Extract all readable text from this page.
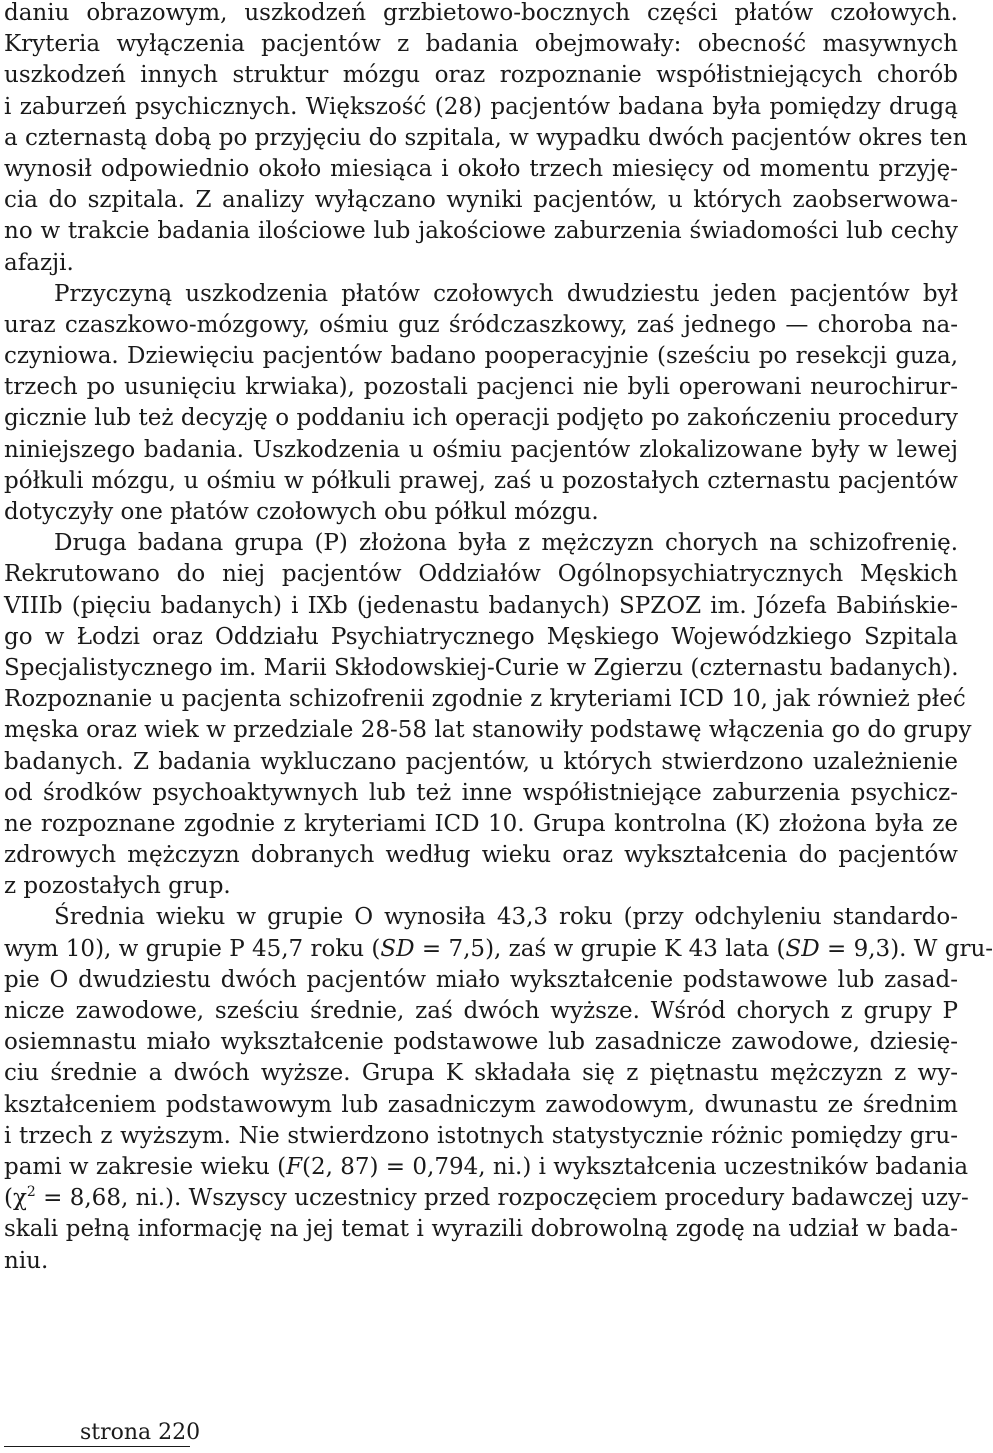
daniu obrazowym, uszkodzeń grzbietowo-bocznych części płatów czołowych.
Kryteria wyłączenia pacjentów z badania obejmowały: obecność masywnych
uszkodzeń innych struktur mózgu oraz rozpoznanie współistniejących chorób
i zaburzeń psychicznych. Większość (28) pacjentów badana była pomiędzy drugą
a czternastą dobą po przyjęciu do szpitala, w wypadku dwóch pacjentów okres ten
wynosił odpowiednio około miesiąca i około trzech miesięcy od momentu przyję-
cia do szpitala. Z analizy wyłączano wyniki pacjentów, u których zaobserwowa-
no w trakcie badania ilościowe lub jakościowe zaburzenia świadomości lub cechy
afazji.
Przyczyną uszkodzenia płatów czołowych dwudziestu jeden pacjentów był
uraz czaszkowo-mózgowy, ośmiu guz śródczaszkowy, zaś jednego — choroba na-
czyniowa. Dziewięciu pacjentów badano pooperacyjnie (sześciu po resekcji guza,
trzech po usunięciu krwiaka), pozostali pacjenci nie byli operowani neurochirur-
gicznie lub też decyzję o poddaniu ich operacji podjęto po zakończeniu procedury
niniejszego badania. Uszkodzenia u ośmiu pacjentów zlokalizowane były w lewej
półkuli mózgu, u ośmiu w półkuli prawej, zaś u pozostałych czternastu pacjentów
dotyczyły one płatów czołowych obu półkul mózgu.
Druga badana grupa (P) złożona była z mężczyzn chorych na schizofrenię.
Rekrutowano do niej pacjentów Oddziałów Ogólnopsychiatrycznych Męskich
VIIIb (pięciu badanych) i IXb (jedenastu badanych) SPZOZ im. Józefa Babińskie-
go w Łodzi oraz Oddziału Psychiatrycznego Męskiego Wojewódzkiego Szpitala
Specjalistycznego im. Marii Skłodowskiej-Curie w Zgierzu (czternastu badanych).
Rozpoznanie u pacjenta schizofrenii zgodnie z kryteriami ICD 10, jak również płeć
męska oraz wiek w przedziale 28-58 lat stanowiły podstawę włączenia go do grupy
badanych. Z badania wykluczano pacjentów, u których stwierdzono uzależnienie
od środków psychoaktywnych lub też inne współistniejące zaburzenia psychicz-
ne rozpoznane zgodnie z kryteriami ICD 10. Grupa kontrolna (K) złożona była ze
zdrowych mężczyzn dobranych według wieku oraz wykształcenia do pacjentów
z pozostałych grup.
Średnia wieku w grupie O wynosiła 43,3 roku (przy odchyleniu standardo-
wym 10), w grupie P 45,7 roku (SD = 7,5), zaś w grupie K 43 lata (SD = 9,3). W gru-
pie O dwudziestu dwóch pacjentów miało wykształcenie podstawowe lub zasad-
nicze zawodowe, sześciu średnie, zaś dwóch wyższe. Wśród chorych z grupy P
osiemnastu miało wykształcenie podstawowe lub zasadnicze zawodowe, dziesię-
ciu średnie a dwóch wyższe. Grupa K składała się z piętnastu mężczyzn z wy-
kształceniem podstawowym lub zasadniczym zawodowym, dwunastu ze średnim
i trzech z wyższym. Nie stwierdzono istotnych statystycznie różnic pomiędzy gru-
pami w zakresie wieku (F(2, 87) = 0,794, ni.) i wykształcenia uczestników badania
($\chi^2 = 8,68$, ni.). Wszyscy uczestnicy przed rozpoczęciem procedury badawczej uzy-
skali pełną informację na jej temat i wyrazili dobrowolną zgodę na udział w bada-
niu.
strona 220
